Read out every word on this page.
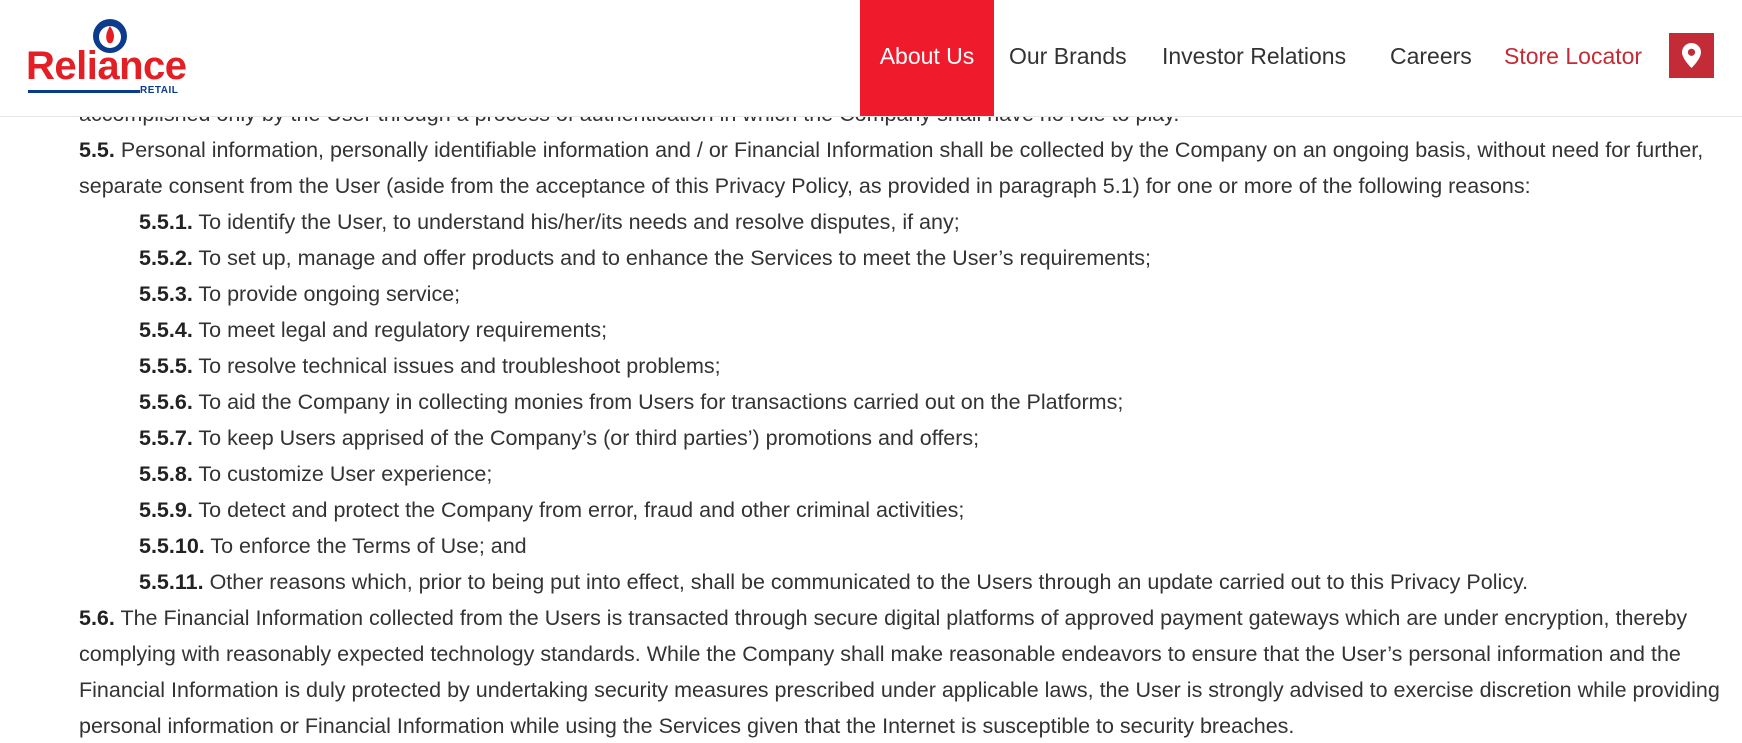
5.5. Personal information, personally identifiable information and / or Financial Information shall be collected by the Company on an ongoing basis, without need for further, separate consent from the User (aside from the acceptance of this Privacy Policy, as provided in paragraph 5.1) for one or more of the following reasons:

5.5.1. To identify the User, to understand his/her/its needs and resolve disputes, if any;

5.5.2. To set up, manage and offer products and to enhance the Services to meet the User’s requirements;

5.5.3. To provide ongoing service;

5.5.4. To meet legal and regulatory requirements;

5.5.5. To resolve technical issues and troubleshoot problems;

5.5.6. To aid the Company in collecting monies from Users for transactions carried out on the Platforms;

5.5.7. To keep Users apprised of the Company’s (or third parties’) promotions and offers;

5.5.8. To customize User experience;

5.5.9. To detect and protect the Company from error, fraud and other criminal activities;

5.5.10. To enforce the Terms of Use; and

5.5.11. Other reasons which, prior to being put into effect, shall be communicated to the Users through an update carried out to this Privacy Policy.

5.6. The Financial Information collected from the Users is transacted through secure digital platforms of approved payment gateways which are under encryption, thereby complying with reasonably expected technology standards. While the Company shall make reasonable endeavors to ensure that the User’s personal information and the Financial Information is duly protected by undertaking security measures prescribed under applicable laws, the User is strongly advised to exercise discretion while providing personal information or Financial Information while using the Services given that the Internet is susceptible to security breaches.

Reliance
RETAIL
About Us	Our Brands Investor Relations Careers Store Locator
